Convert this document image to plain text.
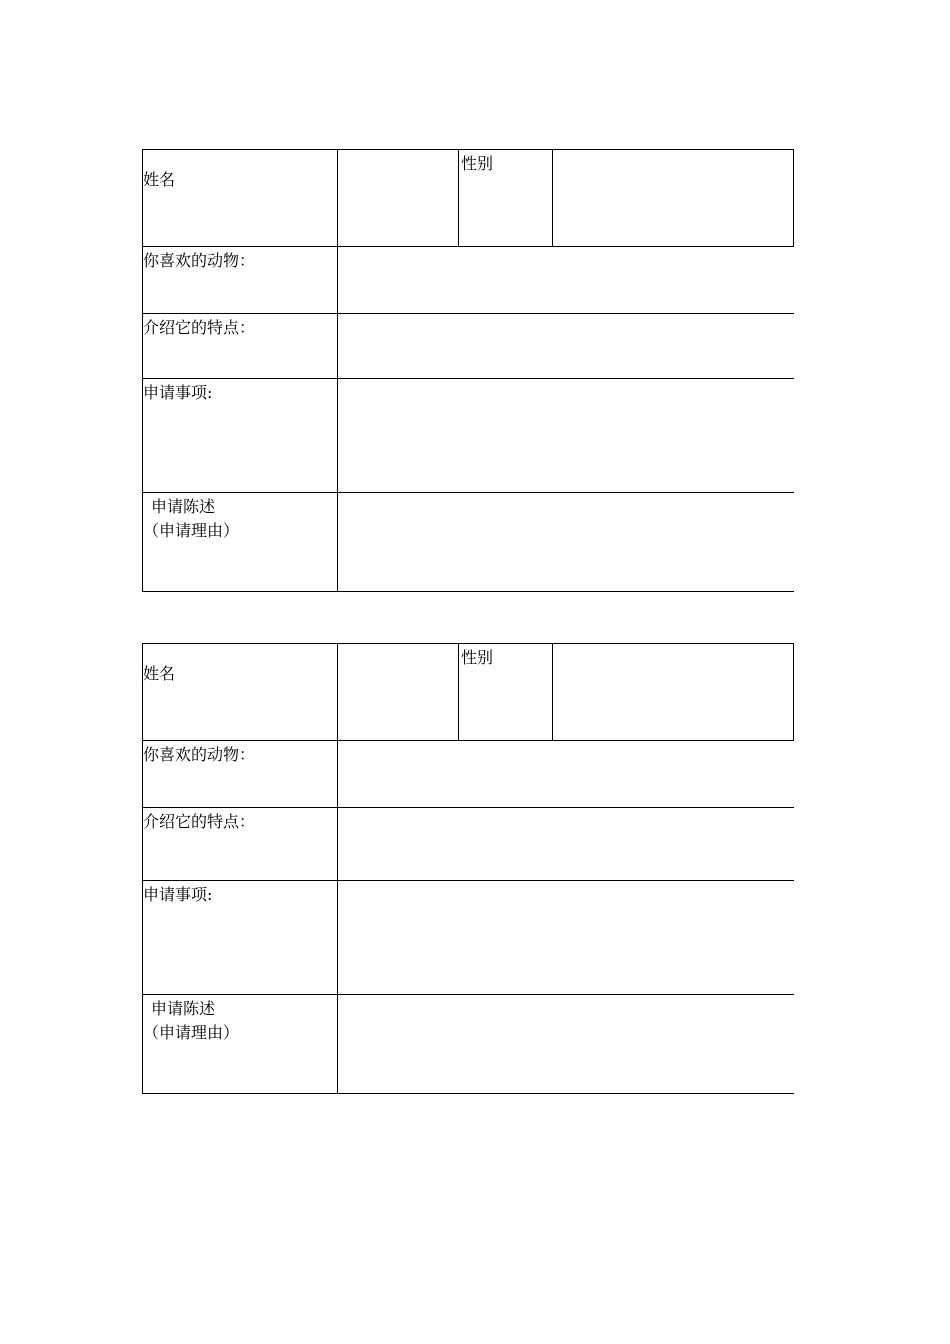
姓名
性别
你喜欢的动物：
介绍它的特点：
申请事项:
申请陈述
（申请理由）
姓名
性别
你喜欢的动物：
介绍它的特点：
申请事项:
申请陈述
（申请理由）
